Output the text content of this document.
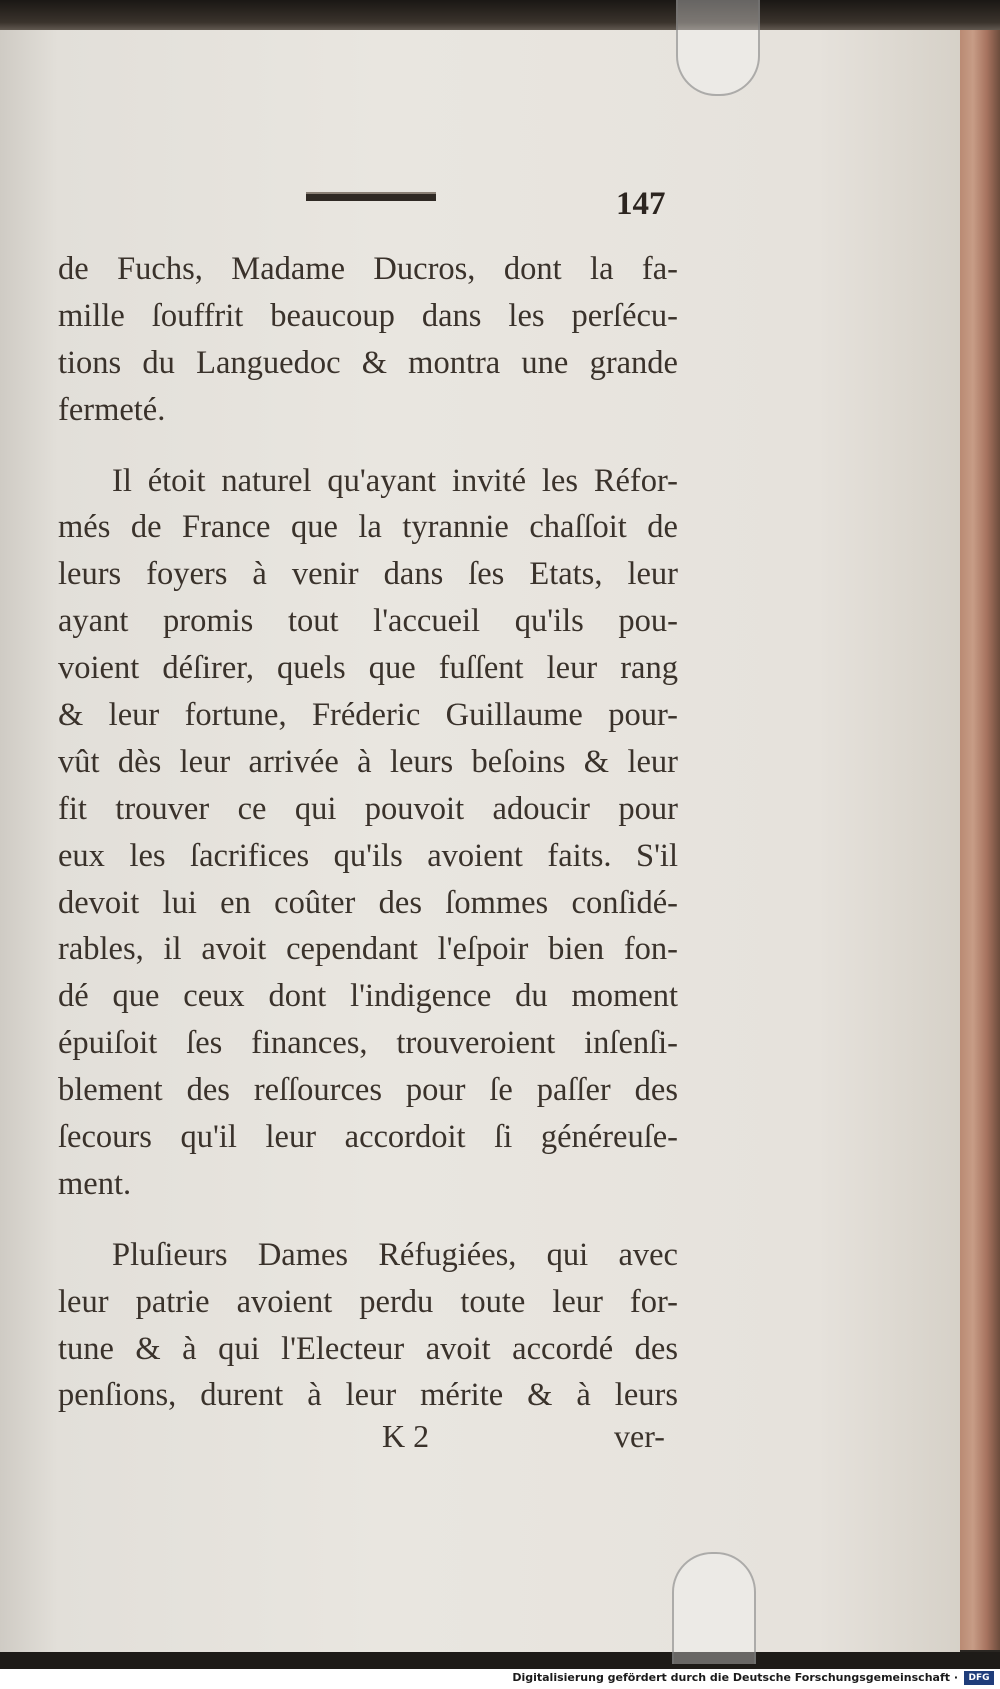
147
de Fuchs, Madame Ducros, dont la fa-
mille ſouffrit beaucoup dans les perſécu-
tions du Languedoc & montra une grande
fermeté.
Il étoit naturel qu'ayant invité les Réfor-
més de France que la tyrannie chaſſoit de
leurs foyers à venir dans ſes Etats, leur
ayant promis tout l'accueil qu'ils pou-
voient déſirer, quels que fuſſent leur rang
& leur fortune, Fréderic Guillaume pour-
vût dès leur arrivée à leurs beſoins & leur
fit trouver ce qui pouvoit adoucir pour
eux les ſacrifices qu'ils avoient faits. S'il
devoit lui en coûter des ſommes conſidé-
rables, il avoit cependant l'eſpoir bien fon-
dé que ceux dont l'indigence du moment
épuiſoit ſes finances, trouveroient inſenſi-
blement des reſſources pour ſe paſſer des
ſecours qu'il leur accordoit ſi généreuſe-
ment.
Pluſieurs Dames Réfugiées, qui avec
leur patrie avoient perdu toute leur for-
tune & à qui l'Electeur avoit accordé des
penſions, durent à leur mérite & à leurs
K 2	ver-
Digitalisierung gefördert durch die Deutsche Forschungsgemeinschaft ·	DFG
